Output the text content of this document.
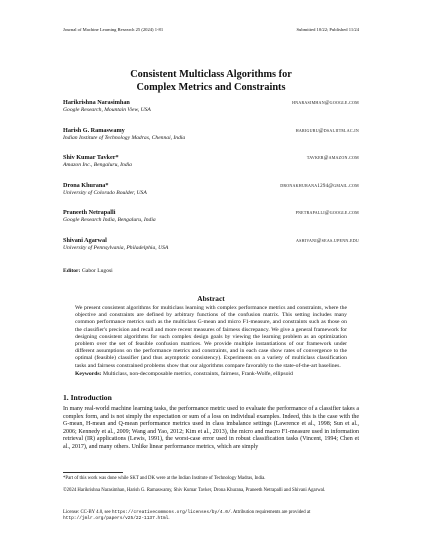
Journal of Machine Learning Research 25 (2024) 1-81	Submitted 10/22; Published 11/24
Consistent Multiclass Algorithms for
Complex Metrics and Constraints
Harikrishna Narasimhan
Google Research, Mountain View, USA
hnarasimhan@google.com
Harish G. Ramaswamy
Indian Institute of Technology Madras, Chennai, India
hariguru@dsai.iitm.ac.in
Shiv Kumar Tavker*
Amazon Inc., Bengaluru, India
tavker@amazon.com
Drona Khurana*
University of Colorado Boulder, USA
dronakhurana1294@gmail.com
Praneeth Netrapalli
Google Research India, Bengaluru, India
pnetrapalli@google.com
Shivani Agarwal
University of Pennsylvania, Philadelphia, USA
ashivani@seas.upenn.edu
Editor: Gabor Lugosi
Abstract
We present consistent algorithms for multiclass learning with complex performance metrics and constraints, where the objective and constraints are defined by arbitrary functions of the confusion matrix. This setting includes many common performance metrics such as the multiclass G-mean and micro F1-measure, and constraints such as those on the classifier's precision and recall and more recent measures of fairness discrepancy. We give a general framework for designing consistent algorithms for such complex design goals by viewing the learning problem as an optimization problem over the set of feasible confusion matrices. We provide multiple instantiations of our framework under different assumptions on the performance metrics and constraints, and in each case show rates of convergence to the optimal (feasible) classifier (and thus asymptotic consistency). Experiments on a variety of multiclass classification tasks and fairness constrained problems show that our algorithms compare favorably to the state-of-the-art baselines.
Keywords: Multiclass, non-decomposable metrics, constraints, fairness, Frank-Wolfe, ellipsoid
1. Introduction
In many real-world machine learning tasks, the performance metric used to evaluate the performance of a classifier takes a complex form, and is not simply the expectation or sum of a loss on individual examples. Indeed, this is the case with the G-mean, H-mean and Q-mean performance metrics used in class imbalance settings (Lawrence et al., 1998; Sun et al., 2006; Kennedy et al., 2009; Wang and Yao, 2012; Kim et al., 2013), the micro and macro F1-measure used in information retrieval (IR) applications (Lewis, 1991), the worst-case error used in robust classification tasks (Vincent, 1994; Chen et al., 2017), and many others. Unlike linear performance metrics, which are simply
*Part of this work was done while SKT and DK were at the Indian Institute of Technology Madras, India.
©2024 Harikrishna Narasimhan, Harish G. Ramaswamy, Shiv Kumar Tavker, Drona Khurana, Praneeth Netrapalli and Shivani Agarwal.
License: CC-BY 4.0, see https://creativecommons.org/licenses/by/4.0/. Attribution requirements are provided at http://jmlr.org/papers/v25/22-1137.html.
